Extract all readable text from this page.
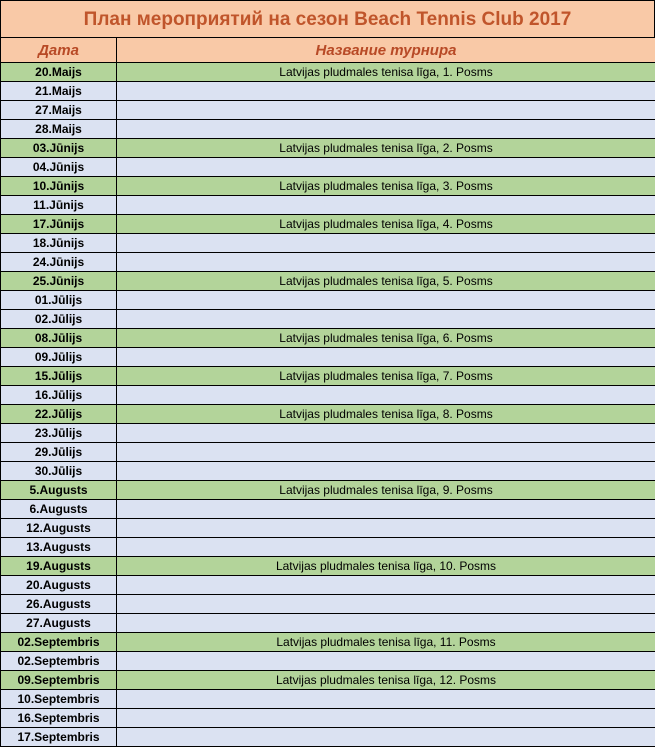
План мероприятий на сезон Beach Tennis Club 2017
Дата	Название турнира
20.Maijs	Latvijas pludmales tenisa līga, 1. Posms
21.Maijs	
27.Maijs	
28.Maijs	
03.Jūnijs	Latvijas pludmales tenisa līga, 2. Posms
04.Jūnijs	
10.Jūnijs	Latvijas pludmales tenisa līga, 3. Posms
11.Jūnijs	
17.Jūnijs	Latvijas pludmales tenisa līga, 4. Posms
18.Jūnijs	
24.Jūnijs	
25.Jūnijs	Latvijas pludmales tenisa līga, 5. Posms
01.Jūlijs	
02.Jūlijs	
08.Jūlijs	Latvijas pludmales tenisa līga, 6. Posms
09.Jūlijs	
15.Jūlijs	Latvijas pludmales tenisa līga, 7. Posms
16.Jūlijs	
22.Jūlijs	Latvijas pludmales tenisa līga, 8. Posms
23.Jūlijs	
29.Jūlijs	
30.Jūlijs	
5.Augusts	Latvijas pludmales tenisa līga, 9. Posms
6.Augusts	
12.Augusts	
13.Augusts	
19.Augusts	Latvijas pludmales tenisa līga, 10. Posms
20.Augusts	
26.Augusts	
27.Augusts	
02.Septembris	Latvijas pludmales tenisa līga, 11. Posms
02.Septembris	
09.Septembris	Latvijas pludmales tenisa līga, 12. Posms
10.Septembris	
16.Septembris	
17.Septembris	
